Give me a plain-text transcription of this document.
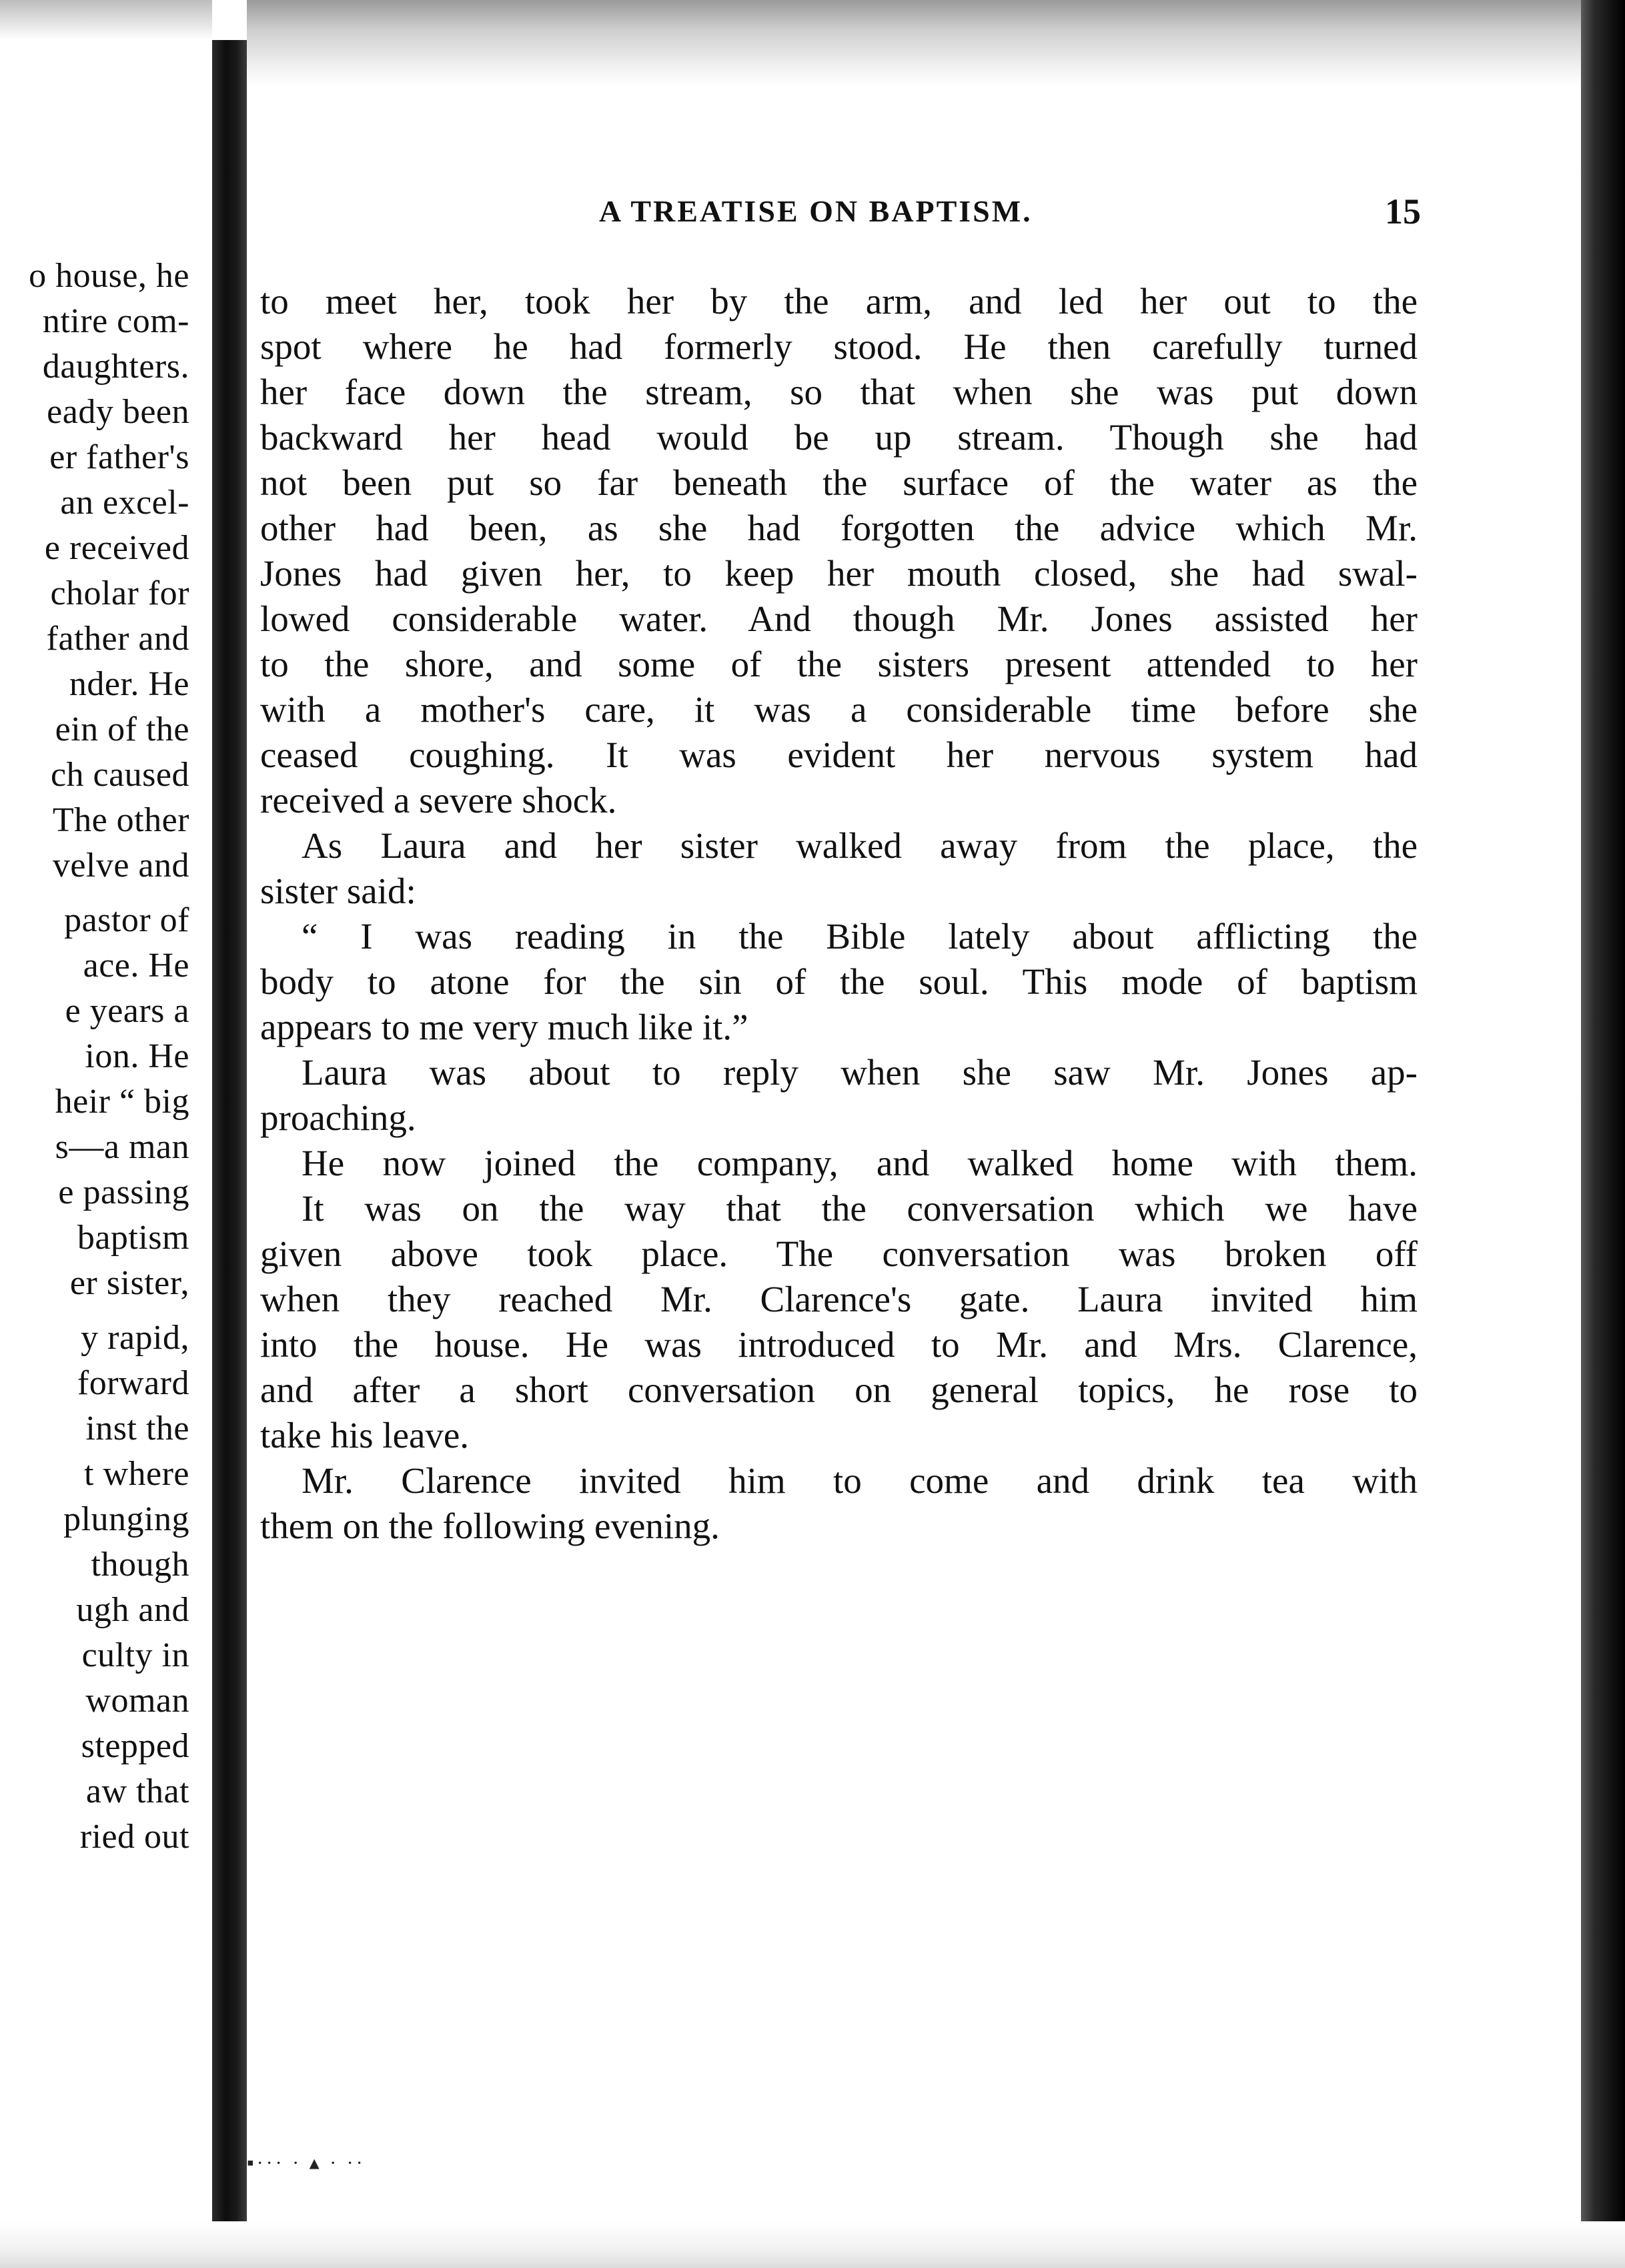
o house, he
ntire com-
daughters.
eady been
er father's
an excel-
e received
cholar for
father and
nder. He
ein of the
ch caused
The other
velve and
pastor of
ace. He
e years a
ion. He
heir “ big
s—a man
e passing
baptism
er sister,
y rapid,
forward
inst the
t where
plunging
though
ugh and
culty in
woman
stepped
aw that
ried out
A TREATISE ON BAPTISM.	15
to meet her, took her by the arm, and led her out to the
spot where he had formerly stood. He then carefully turned
her face down the stream, so that when she was put down
backward her head would be up stream. Though she had
not been put so far beneath the surface of the water as the
other had been, as she had forgotten the advice which Mr.
Jones had given her, to keep her mouth closed, she had swal-
lowed considerable water. And though Mr. Jones assisted her
to the shore, and some of the sisters present attended to her
with a mother's care, it was a considerable time before she
ceased coughing. It was evident her nervous system had
received a severe shock.
As Laura and her sister walked away from the place, the
sister said:
“ I was reading in the Bible lately about afflicting the
body to atone for the sin of the soul. This mode of baptism
appears to me very much like it.”
Laura was about to reply when she saw Mr. Jones ap-
proaching.
He now joined the company, and walked home with them.
It was on the way that the conversation which we have
given above took place. The conversation was broken off
when they reached Mr. Clarence's gate. Laura invited him
into the house. He was introduced to Mr. and Mrs. Clarence,
and after a short conversation on general topics, he rose to
take his leave.
Mr. Clarence invited him to come and drink tea with
them on the following evening.
▪︎··· · ▴ · ··
